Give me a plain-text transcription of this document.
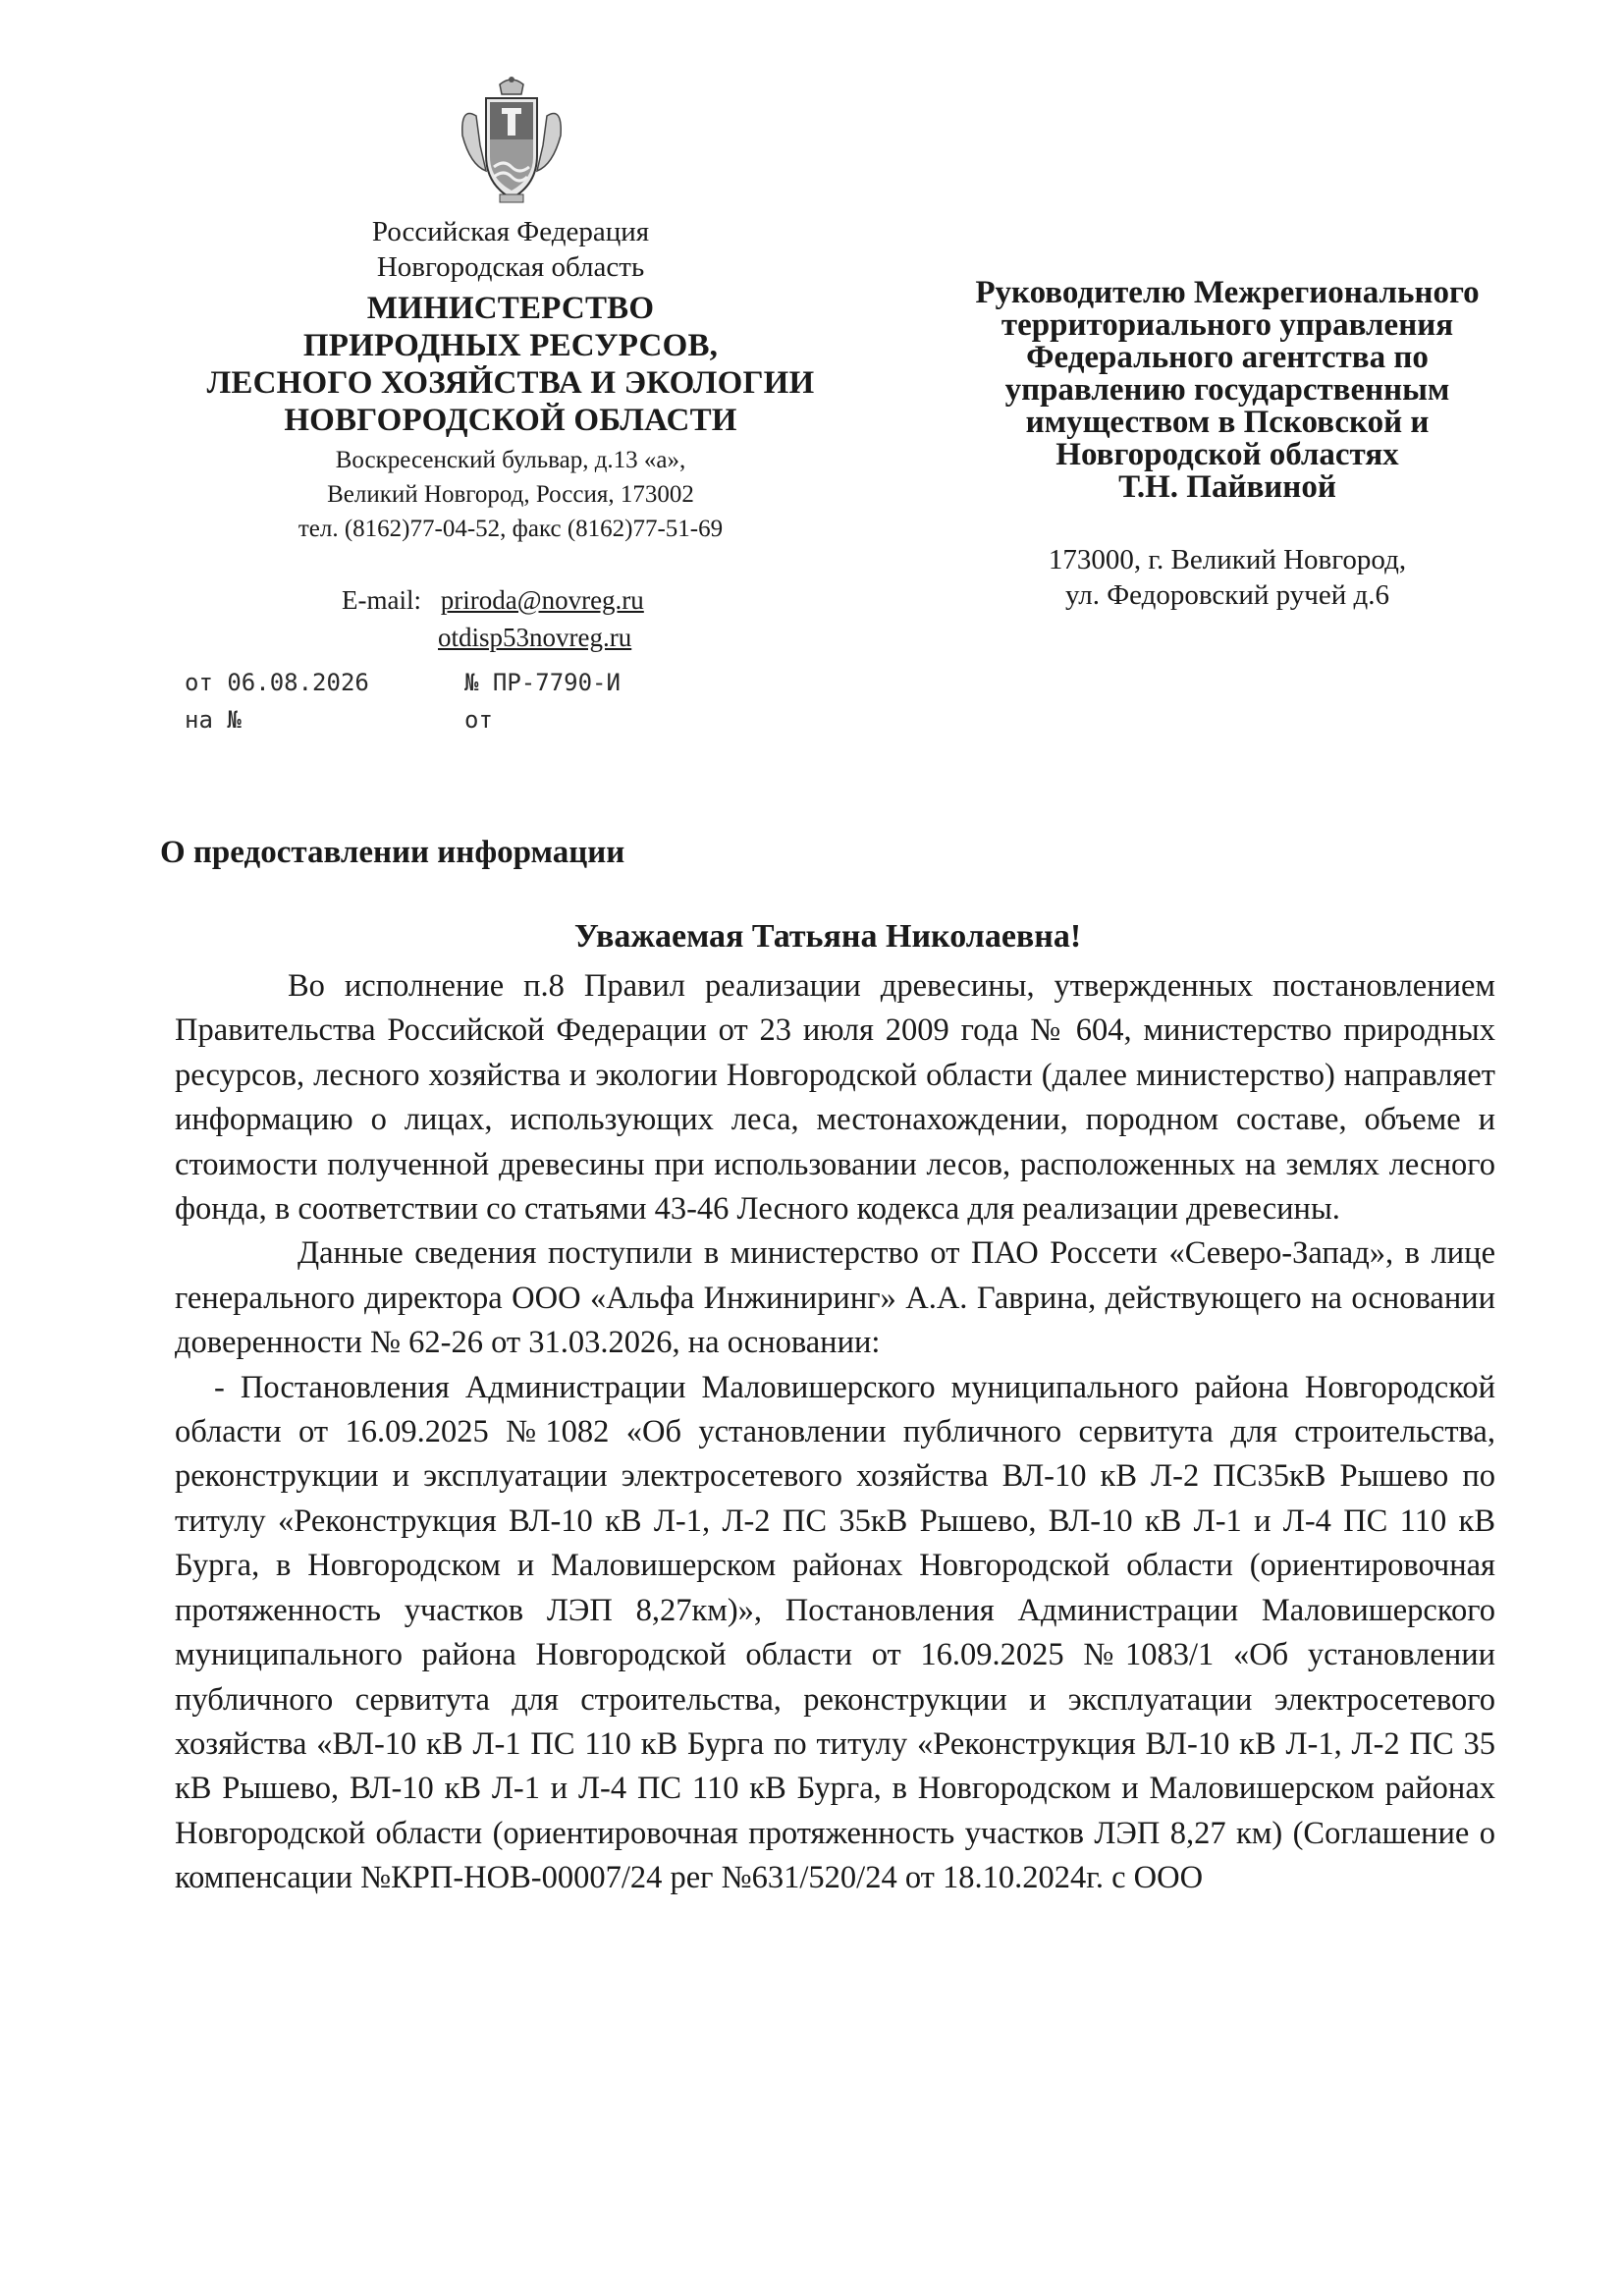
Российская Федерация
Новгородская область
МИНИСТЕРСТВО
ПРИРОДНЫХ РЕСУРСОВ,
ЛЕСНОГО ХОЗЯЙСТВА И ЭКОЛОГИИ
НОВГОРОДСКОЙ ОБЛАСТИ
Воскресенский бульвар, д.13 «а»,
Великий Новгород, Россия, 173002
тел. (8162)77-04-52, факс (8162)77-51-69
E-mail: priroda@novreg.ru
otdisp53novreg.ru
от 06.08.2026	№ ПР-7790-И
на №	от
Руководителю Межрегионального
территориального управления
Федерального агентства по
управлению государственным
имуществом в Псковской и
Новгородской областях
Т.Н. Пайвиной
173000, г. Великий Новгород,
ул. Федоровский ручей д.6
О предоставлении информации
Уважаемая Татьяна Николаевна!

Во исполнение п.8 Правил реализации древесины, утвержденных постановлением Правительства Российской Федерации от 23 июля 2009 года № 604, министерство природных ресурсов, лесного хозяйства и экологии Новгородской области (далее министерство) направляет информацию о лицах, использующих леса, местонахождении, породном составе, объеме и стоимости полученной древесины при использовании лесов, расположенных на землях лесного фонда, в соответствии со статьями 43-46 Лесного кодекса для реализации древесины.

Данные сведения поступили в министерство от ПАО Россети «Северо-Запад», в лице генерального директора ООО «Альфа Инжиниринг» А.А. Гаврина, действующего на основании доверенности № 62-26 от 31.03.2026, на основании:

- Постановления Администрации Маловишерского муниципального района Новгородской области от 16.09.2025 №1082 «Об установлении публичного сервитута для строительства, реконструкции и эксплуатации электросетевого хозяйства ВЛ-10 кВ Л-2 ПС35кВ Рышево по титулу «Реконструкция ВЛ-10 кВ Л-1, Л-2 ПС 35кВ Рышево, ВЛ-10 кВ Л-1 и Л-4 ПС 110 кВ Бурга, в Новгородском и Маловишерском районах Новгородской области (ориентировочная протяженность участков ЛЭП 8,27км)», Постановления Администрации Маловишерского муниципального района Новгородской области от 16.09.2025 №1083/1 «Об установлении публичного сервитута для строительства, реконструкции и эксплуатации электросетевого хозяйства «ВЛ-10 кВ Л-1 ПС 110 кВ Бурга по титулу «Реконструкция ВЛ-10 кВ Л-1, Л-2 ПС 35 кВ Рышево, ВЛ-10 кВ Л-1 и Л-4 ПС 110 кВ Бурга, в Новгородском и Маловишерском районах Новгородской области (ориентировочная протяженность участков ЛЭП 8,27 км) (Соглашение о компенсации №КРП-НОВ-00007/24 рег №631/520/24 от 18.10.2024г. с ООО
